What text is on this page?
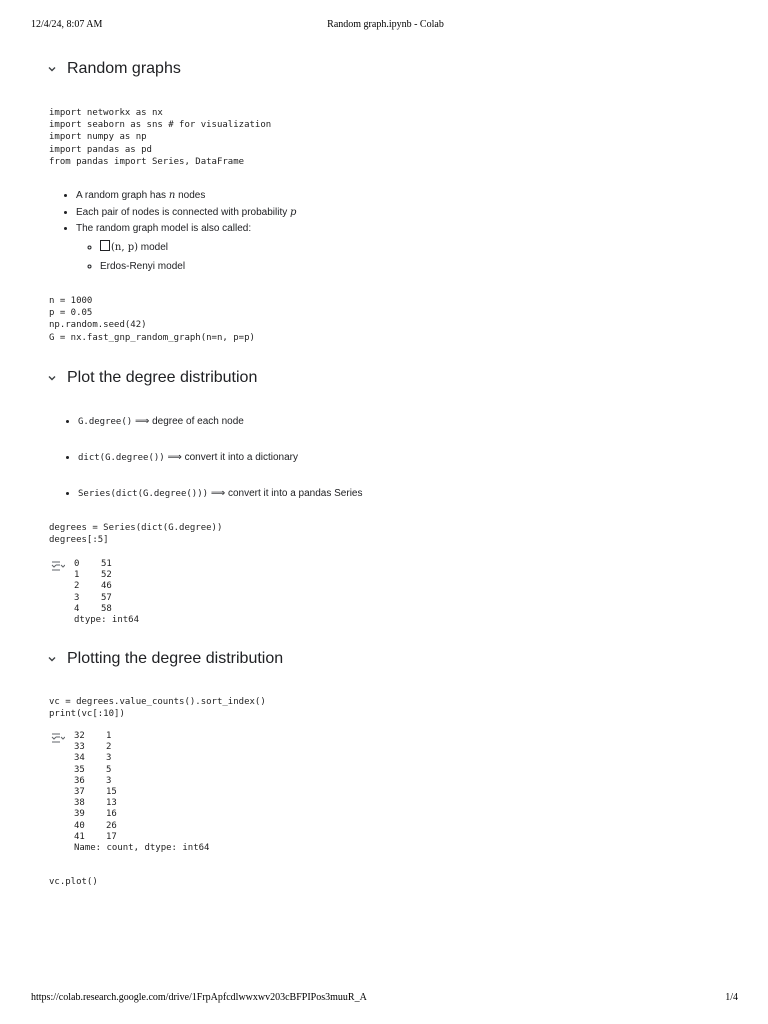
12/4/24, 8:07 AM	Random graph.ipynb - Colab
Random graphs
import networkx as nx
import seaborn as sns # for visualization
import numpy as np
import pandas as pd
from pandas import Series, DataFrame
• A random graph has n nodes
• Each pair of nodes is connected with probability p
• The random graph model is also called:
◦ (n, p) model
◦ Erdos-Renyi model
n = 1000
p = 0.05
np.random.seed(42)
G = nx.fast_gnp_random_graph(n=n, p=p)
Plot the degree distribution
• G.degree() ⟹ degree of each node
• dict(G.degree()) ⟹ convert it into a dictionary
• Series(dict(G.degree())) ⟹ convert it into a pandas Series
degrees = Series(dict(G.degree))
degrees[:5]
0 51
1 52
2 46
3 57
4 58
dtype: int64
Plotting the degree distribution
vc = degrees.value_counts().sort_index()
print(vc[:10])
32 1
33 2
34 3
35 5
36 3
37 15
38 13
39 16
40 26
41 17
Name: count, dtype: int64
vc.plot()
https://colab.research.google.com/drive/1FrpApfcdlwwxwv203cBFPIPos3muuR_A	1/4
